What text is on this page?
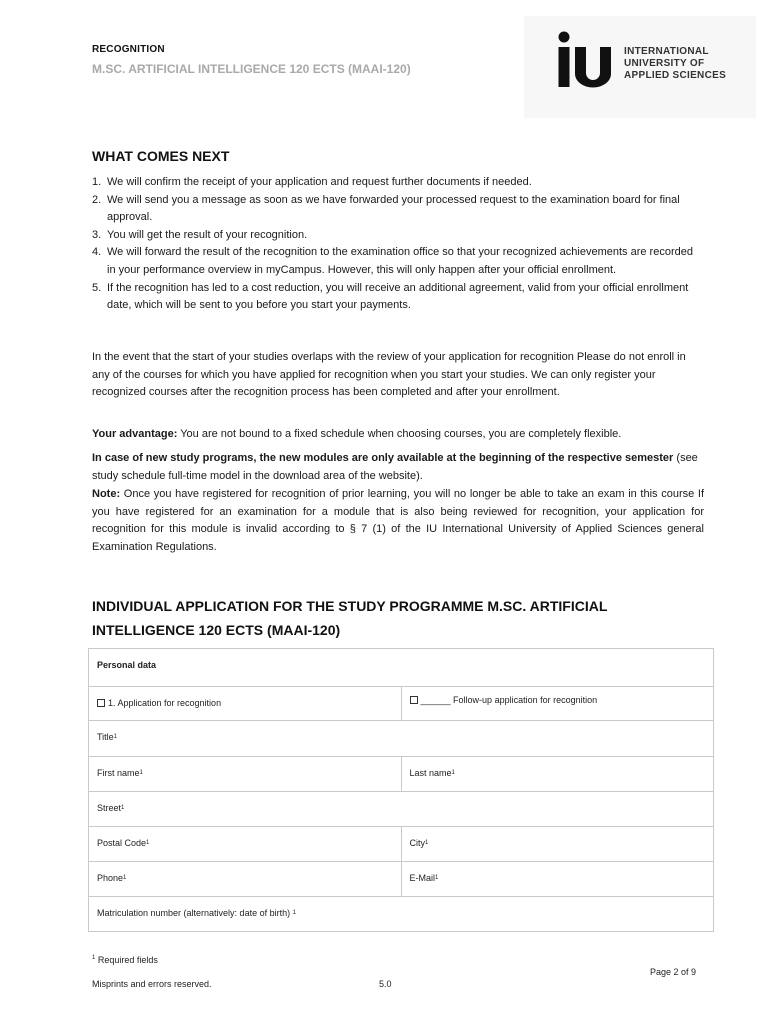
RECOGNITION
M.SC. ARTIFICIAL INTELLIGENCE 120 ECTS (MAAI-120)
INTERNATIONAL
UNIVERSITY OF
APPLIED SCIENCES
WHAT COMES NEXT
1. We will confirm the receipt of your application and request further documents if needed.
2. We will send you a message as soon as we have forwarded your processed request to the examination board for final approval.
3. You will get the result of your recognition.
4. We will forward the result of the recognition to the examination office so that your recognized achievements are recorded in your performance overview in myCampus. However, this will only happen after your official enrollment.
5. If the recognition has led to a cost reduction, you will receive an additional agreement, valid from your official enrollment date, which will be sent to you before you start your payments.

In the event that the start of your studies overlaps with the review of your application for recognition Please do not enroll in any of the courses for which you have applied for recognition when you start your studies. We can only register your recognized courses after the recognition process has been completed and after your enrollment.

Your advantage: You are not bound to a fixed schedule when choosing courses, you are completely flexible.

In case of new study programs, the new modules are only available at the beginning of the respective semester (see study schedule full-time model in the download area of the website).

Note: Once you have registered for recognition of prior learning, you will no longer be able to take an exam in this course If you have registered for an examination for a module that is also being reviewed for recognition, your application for recognition for this module is invalid according to § 7 (1) of the IU International University of Applied Sciences general Examination Regulations.

INDIVIDUAL APPLICATION FOR THE STUDY PROGRAMME M.SC. ARTIFICIAL
INTELLIGENCE 120 ECTS (MAAI-120)
Personal data
1. Application for recognition	______ Follow-up application for recognition
Title$^1$
First name$^1$	Last name$^1$
Street$^1$
Postal Code$^1$	City$^1$
Phone$^1$	E-Mail$^1$
Matriculation number (alternatively: date of birth) $^1$
$^1$ Required fields
Page 2 of 9
Misprints and errors reserved.	5.0
